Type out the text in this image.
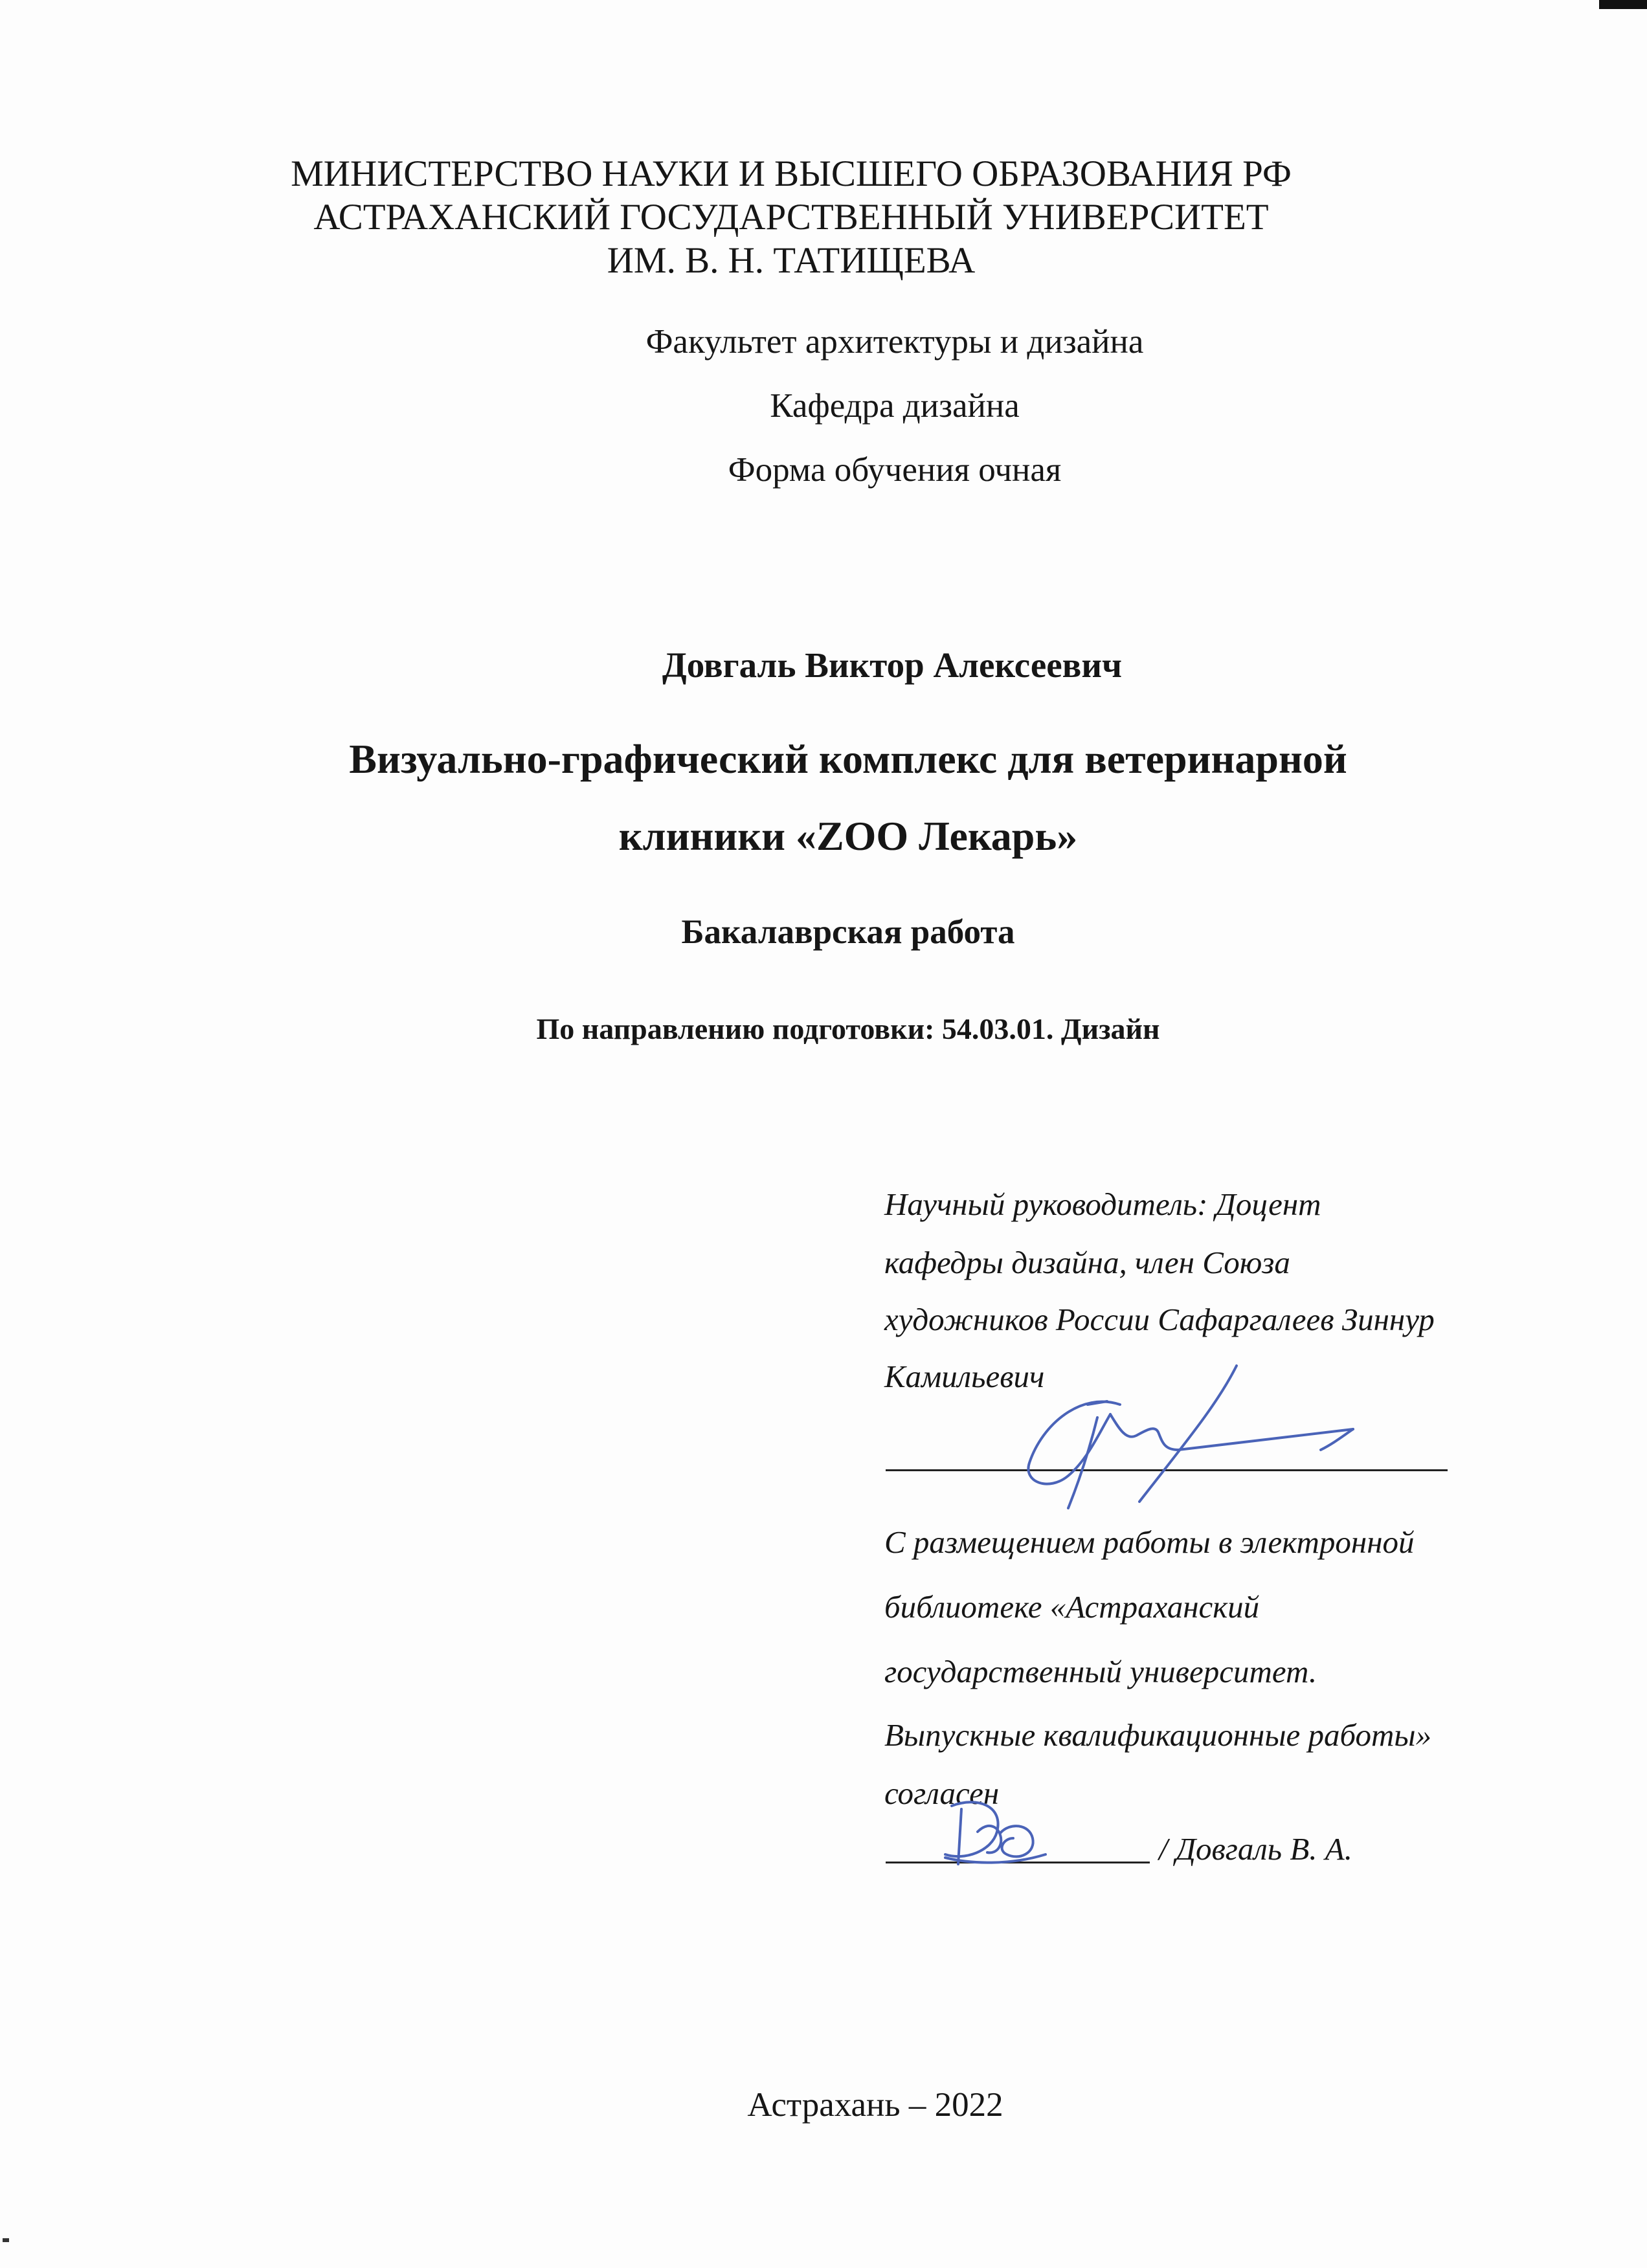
МИНИСТЕРСТВО НАУКИ И ВЫСШЕГО ОБРАЗОВАНИЯ РФ
АСТРАХАНСКИЙ ГОСУДАРСТВЕННЫЙ УНИВЕРСИТЕТ
ИМ. В. Н. ТАТИЩЕВА
Факультет архитектуры и дизайна
Кафедра дизайна
Форма обучения очная
Довгаль Виктор Алексеевич
Визуально-графический комплекс для ветеринарной
клиники «ZOO Лекарь»
Бакалаврская работа
По направлению подготовки: 54.03.01. Дизайн
Научный руководитель: Доцент
кафедры дизайна, член Союза
художников России Сафаргалеев Зиннур
Камильевич
С размещением работы в электронной
библиотеке «Астраханский
государственный университет.
Выпускные квалификационные работы»
согласен
/ Довгаль В. А.
Астрахань – 2022
